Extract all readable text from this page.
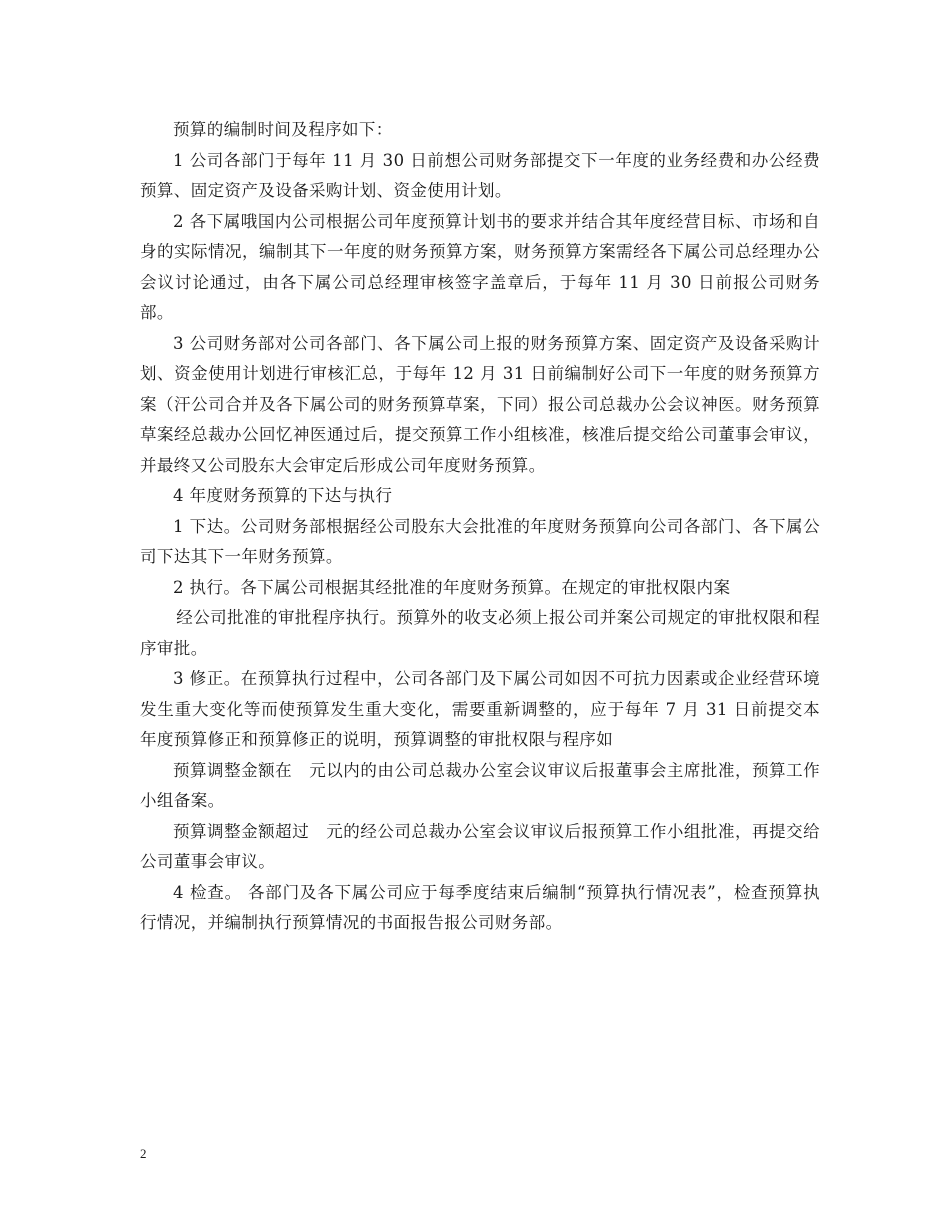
预算的编制时间及程序如下：

1 公司各部门于每年 11 月 30 日前想公司财务部提交下一年度的业务经费和办公经费预算、固定资产及设备采购计划、资金使用计划。

2 各下属哦国内公司根据公司年度预算计划书的要求并结合其年度经营目标、市场和自身的实际情况，编制其下一年度的财务预算方案，财务预算方案需经各下属公司总经理办公会议讨论通过，由各下属公司总经理审核签字盖章后，于每年 11 月 30 日前报公司财务部。

3 公司财务部对公司各部门、各下属公司上报的财务预算方案、固定资产及设备采购计划、资金使用计划进行审核汇总，于每年 12 月 31 日前编制好公司下一年度的财务预算方案（汗公司合并及各下属公司的财务预算草案，下同）报公司总裁办公会议神医。财务预算草案经总裁办公回忆神医通过后，提交预算工作小组核准，核准后提交给公司董事会审议，并最终又公司股东大会审定后形成公司年度财务预算。

4 年度财务预算的下达与执行

1 下达。公司财务部根据经公司股东大会批准的年度财务预算向公司各部门、各下属公司下达其下一年财务预算。

2 执行。各下属公司根据其经批准的年度财务预算。在规定的审批权限内案

经公司批准的审批程序执行。预算外的收支必须上报公司并案公司规定的审批权限和程序审批。

3 修正。在预算执行过程中，公司各部门及下属公司如因不可抗力因素或企业经营环境发生重大变化等而使预算发生重大变化，需要重新调整的，应于每年 7 月 31 日前提交本年度预算修正和预算修正的说明，预算调整的审批权限与程序如

预算调整金额在　元以内的由公司总裁办公室会议审议后报董事会主席批准，预算工作小组备案。

预算调整金额超过　元的经公司总裁办公室会议审议后报预算工作小组批准，再提交给公司董事会审议。

4 检查。 各部门及各下属公司应于每季度结束后编制“预算执行情况表”，检查预算执行情况，并编制执行预算情况的书面报告报公司财务部。

2
